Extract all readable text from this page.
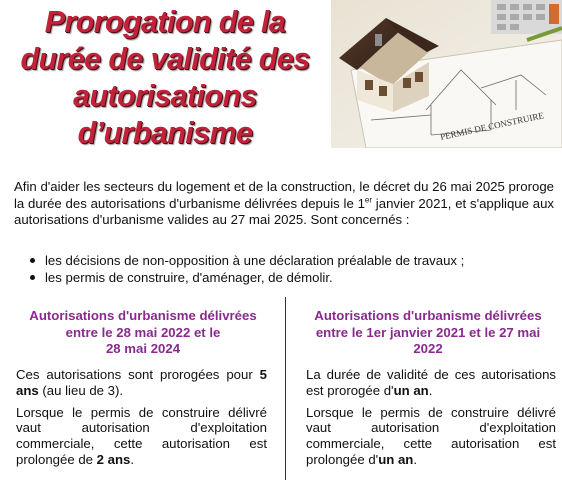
Prorogation de la
durée de validité des
autorisations
d’urbanisme	PERMIS DE CONSTRUIRE

Afin d'aider les secteurs du logement et de la construction, le décret du 26 mai 2025 proroge la durée des autorisations d'urbanisme délivrées depuis le 1er janvier 2021, et s'applique aux autorisations d'urbanisme valides au 27 mai 2025. Sont concernés :

les décisions de non-opposition à une déclaration préalable de travaux ;
les permis de construire, d'aménager, de démolir.
Autorisations d'urbanisme délivrées
entre le 28 mai 2022 et le
28 mai 2024

Ces autorisations sont prorogées pour 5 ans (au lieu de 3).

Lorsque le permis de construire délivré vaut autorisation d'exploitation commerciale, cette autorisation est prolongée de 2 ans.

Autorisations d'urbanisme délivrées
entre le 1er janvier 2021 et le 27 mai
2022

La durée de validité de ces autorisations est prorogée d'un an.

Lorsque le permis de construire délivré vaut autorisation d'exploitation commerciale, cette autorisation est prolongée d'un an.
